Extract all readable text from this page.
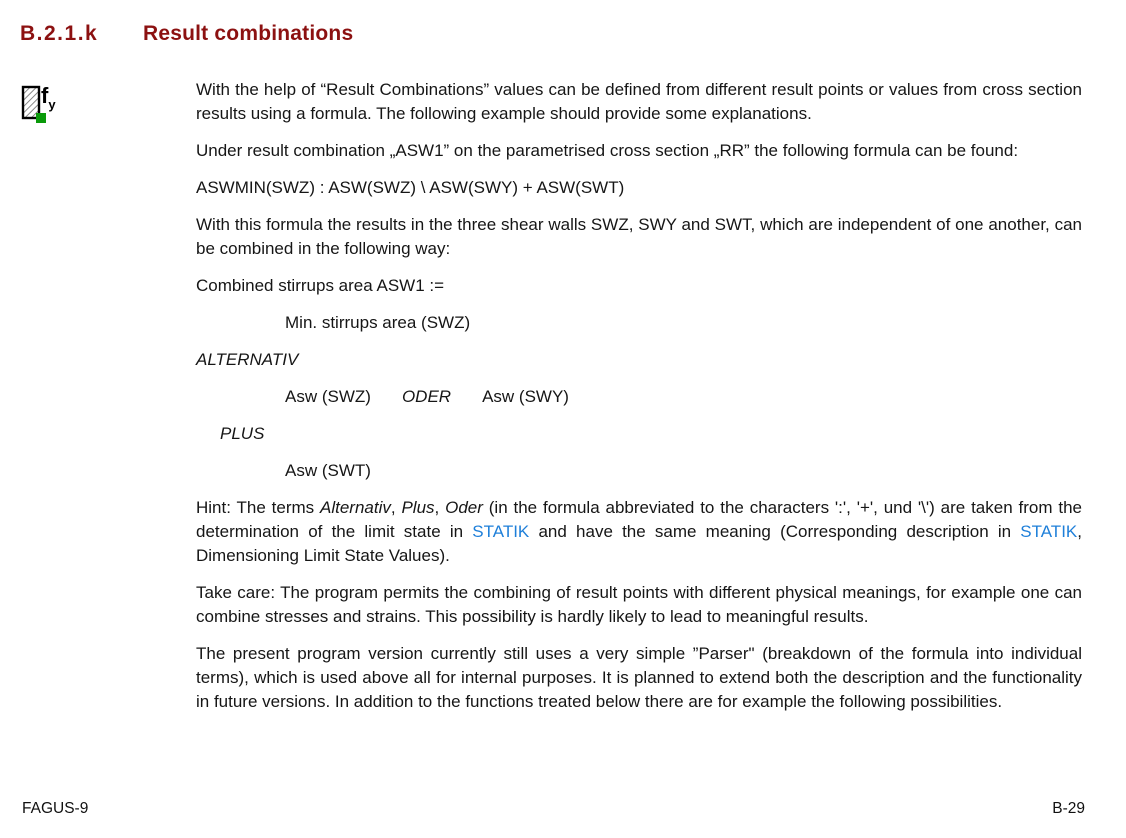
B.2.1.k Result combinations
$f_y$

With the help of “Result Combinations” values can be defined from different result points or values from cross section results using a formula. The following example should provide some explanations.

Under result combination „ASW1” on the parametrised cross section „RR” the following formula can be found:

ASWMIN(SWZ) : ASW(SWZ) \ ASW(SWY) + ASW(SWT)

With this formula the results in the three shear walls SWZ, SWY and SWT, which are independent of one another, can be combined in the following way:

Combined stirrups area ASW1 :=

Min. stirrups area (SWZ)

ALTERNATIV

Asw (SWZ) ODER Asw (SWY)

PLUS

Asw (SWT)

Hint: The terms Alternativ, Plus, Oder (in the formula abbreviated to the characters ':', '+', und '\') are taken from the determination of the limit state in STATIK and have the same meaning (Corresponding description in STATIK, Dimensioning Limit State Values).

Take care: The program permits the combining of result points with different physical meanings, for example one can combine stresses and strains. This possibility is hardly likely to lead to meaningful results.

The present program version currently still uses a very simple ”Parser" (breakdown of the formula into individual terms), which is used above all for internal purposes. It is planned to extend both the description and the functionality in future versions. In addition to the functions treated below there are for example the following possibilities.

FAGUS-9	B-29
